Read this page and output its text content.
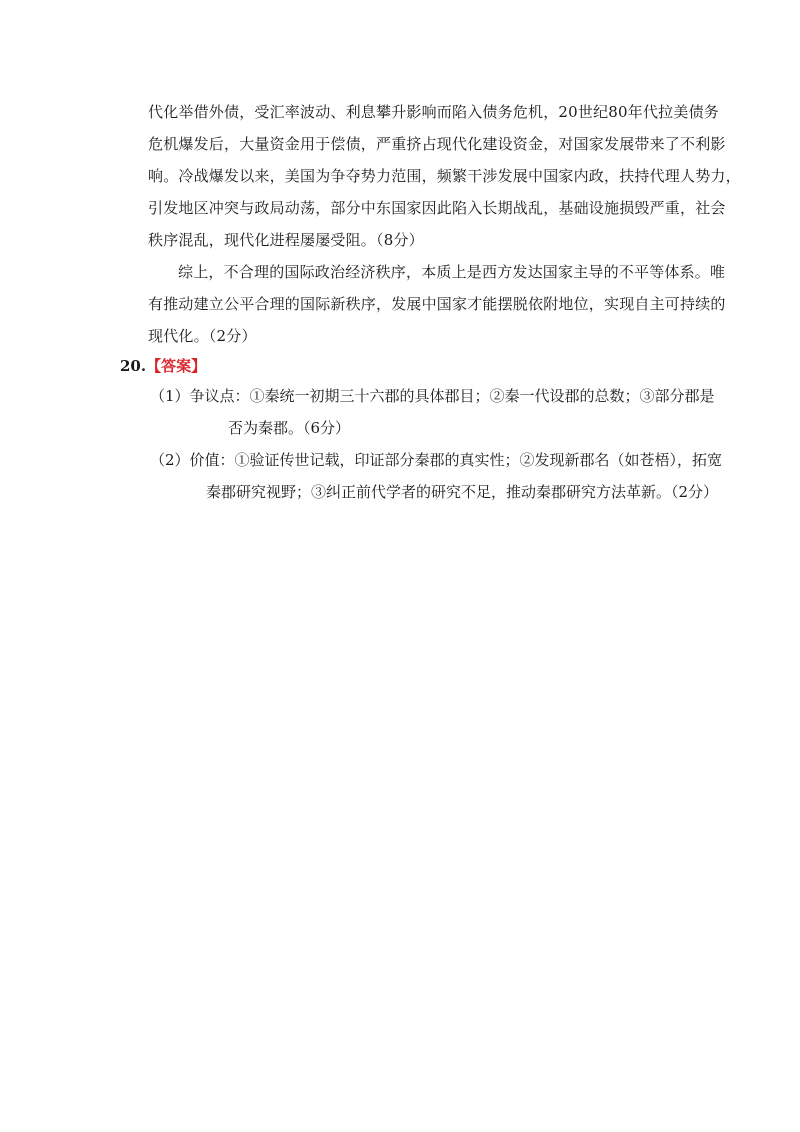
代化举借外债，受汇率波动、利息攀升影响而陷入债务危机，20世纪80年代拉美债务
危机爆发后，大量资金用于偿债，严重挤占现代化建设资金，对国家发展带来了不利影
响。冷战爆发以来，美国为争夺势力范围，频繁干涉发展中国家内政，扶持代理人势力，
引发地区冲突与政局动荡，部分中东国家因此陷入长期战乱，基础设施损毁严重，社会
秩序混乱，现代化进程屡屡受阻。（8分）
综上，不合理的国际政治经济秩序，本质上是西方发达国家主导的不平等体系。唯
有推动建立公平合理的国际新秩序，发展中国家才能摆脱依附地位，实现自主可持续的
现代化。（2分）
20.【答案】
（1）争议点：①秦统一初期三十六郡的具体郡目；②秦一代设郡的总数；③部分郡是
否为秦郡。（6分）
（2）价值：①验证传世记载，印证部分秦郡的真实性；②发现新郡名（如苍梧），拓宽
秦郡研究视野；③纠正前代学者的研究不足，推动秦郡研究方法革新。（2分）
